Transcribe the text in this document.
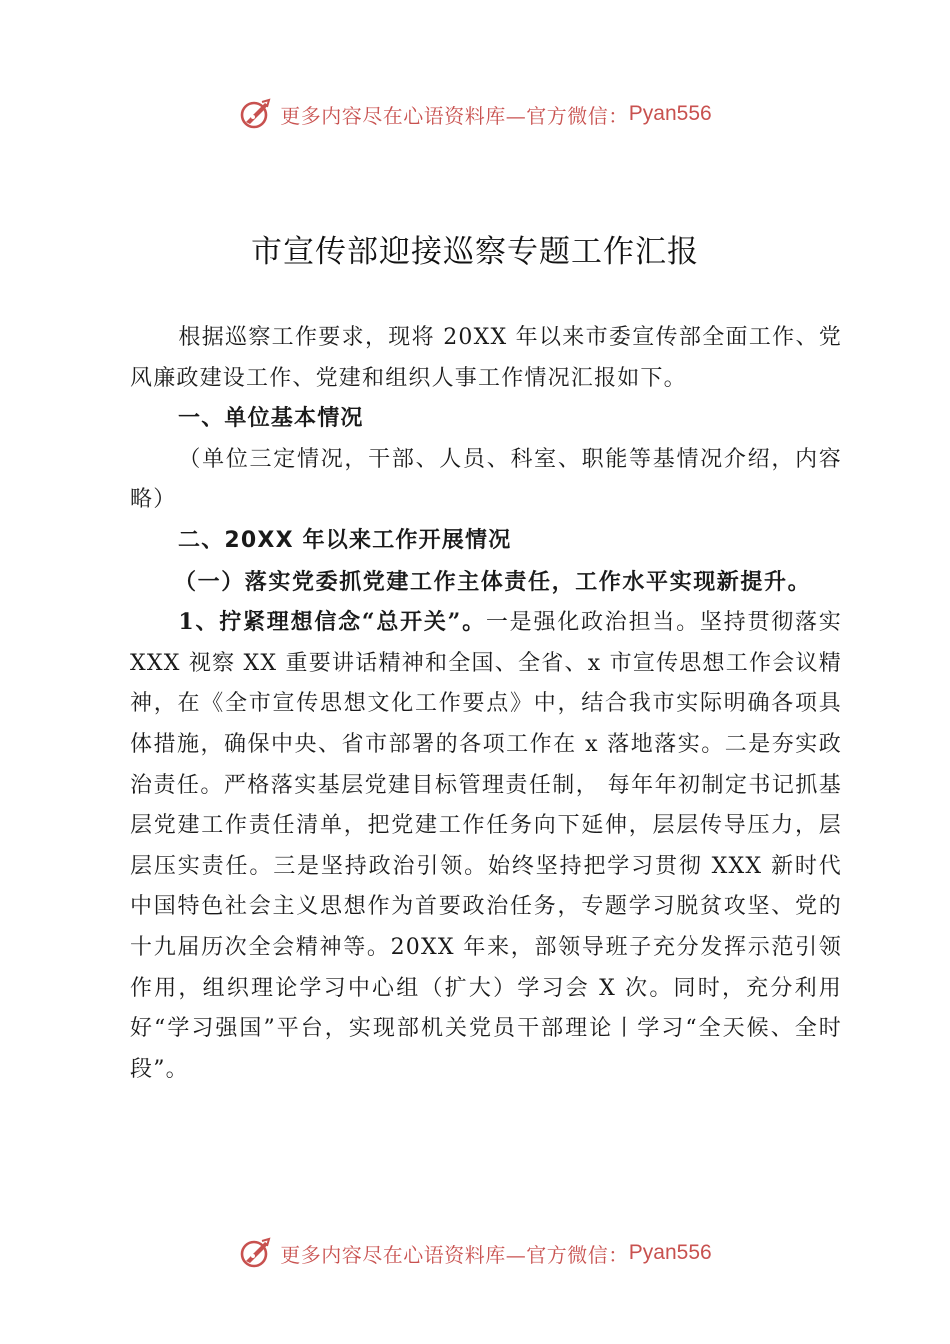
更多内容尽在心语资料库—官方微信： Pyan556
市宣传部迎接巡察专题工作汇报

根据巡察工作要求，现将 20XX 年以来市委宣传部全面工作、党风廉政建设工作、党建和组织人事工作情况汇报如下。

一、单位基本情况

（单位三定情况，干部、人员、科室、职能等基情况介绍，内容略）

二、20XX 年以来工作开展情况

（一）落实党委抓党建工作主体责任，工作水平实现新提升。

1、拧紧理想信念“总开关”。一是强化政治担当。坚持贯彻落实 XXX 视察 XX 重要讲话精神和全国、全省、x 市宣传思想工作会议精神，在《全市宣传思想文化工作要点》中，结合我市实际明确各项具体措施，确保中央、省市部署的各项工作在 x 落地落实。二是夯实政治责任。严格落实基层党建目标管理责任制， 每年年初制定书记抓基层党建工作责任清单，把党建工作任务向下延伸，层层传导压力，层层压实责任。三是坚持政治引领。始终坚持把学习贯彻 XXX 新时代中国特色社会主义思想作为首要政治任务，专题学习脱贫攻坚、党的十九届历次全会精神等。20XX 年来，部领导班子充分发挥示范引领作用，组织理论学习中心组（扩大）学习会 X 次。同时，充分利用好“学习强国”平台，实现部机关党员干部理论丨学习“全天候、全时段”。

更多内容尽在心语资料库—官方微信： Pyan556
